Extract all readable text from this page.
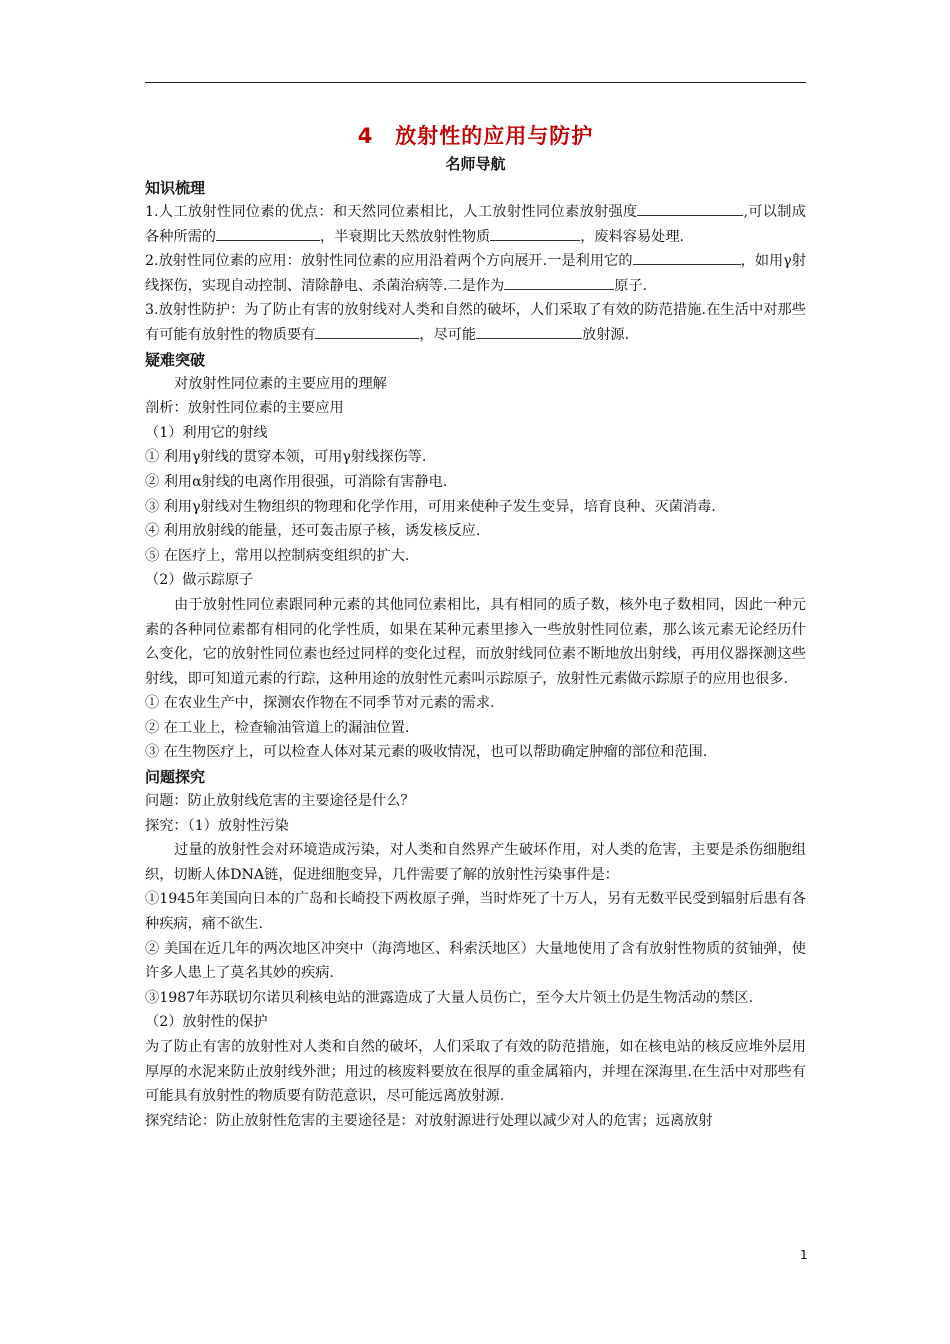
4　放射性的应用与防护
名师导航
知识梳理

1.人工放射性同位素的优点：和天然同位素相比，人工放射性同位素放射强度	,可以制成各种所需的	，半衰期比天然放射性物质	，废料容易处理.

2.放射性同位素的应用：放射性同位素的应用沿着两个方向展开.一是利用它的	，如用γ射线探伤，实现自动控制、清除静电、杀菌治病等.二是作为	原子.

3.放射性防护：为了防止有害的放射线对人类和自然的破坏，人们采取了有效的防范措施.在生活中对那些有可能有放射性的物质要有	，尽可能	放射源.

疑难突破

对放射性同位素的主要应用的理解

剖析：放射性同位素的主要应用

（1）利用它的射线

① 利用γ射线的贯穿本领，可用γ射线探伤等.

② 利用α射线的电离作用很强，可消除有害静电.

③ 利用γ射线对生物组织的物理和化学作用，可用来使种子发生变异，培育良种、灭菌消毒.

④ 利用放射线的能量，还可轰击原子核，诱发核反应.

⑤ 在医疗上，常用以控制病变组织的扩大.

（2）做示踪原子

由于放射性同位素跟同种元素的其他同位素相比，具有相同的质子数，核外电子数相同，因此一种元素的各种同位素都有相同的化学性质，如果在某种元素里掺入一些放射性同位素，那么该元素无论经历什么变化，它的放射性同位素也经过同样的变化过程，而放射线同位素不断地放出射线，再用仪器探测这些射线，即可知道元素的行踪，这种用途的放射性元素叫示踪原子，放射性元素做示踪原子的应用也很多.

① 在农业生产中，探测农作物在不同季节对元素的需求.

② 在工业上，检查输油管道上的漏油位置.

③ 在生物医疗上，可以检查人体对某元素的吸收情况，也可以帮助确定肿瘤的部位和范围.

问题探究

问题：防止放射线危害的主要途径是什么？

探究：（1）放射性污染

过量的放射性会对环境造成污染，对人类和自然界产生破坏作用，对人类的危害，主要是杀伤细胞组织，切断人体DNA链，促进细胞变异，几件需要了解的放射性污染事件是：

①1945年美国向日本的广岛和长崎投下两枚原子弹，当时炸死了十万人，另有无数平民受到辐射后患有各种疾病，痛不欲生.

② 美国在近几年的两次地区冲突中（海湾地区、科索沃地区）大量地使用了含有放射性物质的贫铀弹，使许多人患上了莫名其妙的疾病.

③1987年苏联切尔诺贝利核电站的泄露造成了大量人员伤亡，至今大片领土仍是生物活动的禁区.

（2）放射性的保护

为了防止有害的放射性对人类和自然的破坏，人们采取了有效的防范措施，如在核电站的核反应堆外层用厚厚的水泥来防止放射线外泄；用过的核废料要放在很厚的重金属箱内，并埋在深海里.在生活中对那些有可能具有放射性的物质要有防范意识，尽可能远离放射源.

探究结论：防止放射性危害的主要途径是：对放射源进行处理以减少对人的危害；远离放射

1
